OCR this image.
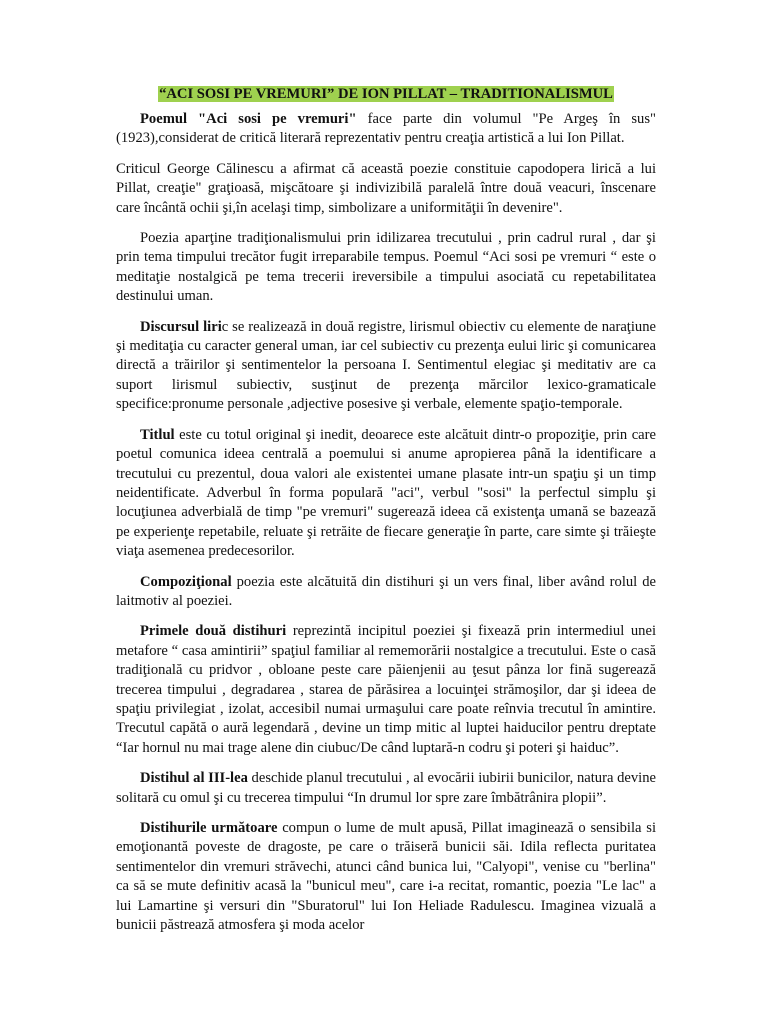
“ACI SOSI PE VREMURI” DE ION PILLAT – TRADITIONALISMUL

Poemul "Aci sosi pe vremuri" face parte din volumul "Pe Argeş în sus" (1923),considerat de critică literară reprezentativ pentru creaţia artistică a lui Ion Pillat.

Criticul George Călinescu a afirmat că această poezie constituie capodopera lirică a lui Pillat, creaţie" graţioasă, mişcătoare şi indivizibilă paralelă între două veacuri, înscenare care încântă ochii şi,în acelaşi timp, simbolizare a uniformităţii în devenire".

Poezia aparţine tradiţionalismului prin idilizarea trecutului , prin cadrul rural , dar şi prin tema timpului trecător fugit irreparabile tempus. Poemul “Aci sosi pe vremuri “ este o meditaţie nostalgică pe tema trecerii ireversibile a timpului asociată cu repetabilitatea destinului uman.

Discursul liric se realizează in două registre, lirismul obiectiv cu elemente de naraţiune şi meditaţia cu caracter general uman, iar cel subiectiv cu prezenţa eului liric şi comunicarea directă a trăirilor şi sentimentelor la persoana I. Sentimentul elegiac şi meditativ are ca suport lirismul subiectiv, susţinut de prezenţa mărcilor lexico-gramaticale specifice:pronume personale ,adjective posesive şi verbale, elemente spaţio-temporale.

Titlul este cu totul original şi inedit, deoarece este alcătuit dintr-o propoziţie, prin care poetul comunica ideea centrală a poemului si anume apropierea până la identificare a trecutului cu prezentul, doua valori ale existentei umane plasate intr-un spaţiu şi un timp neidentificate. Adverbul în forma populară "aci", verbul "sosi" la perfectul simplu şi locuţiunea adverbială de timp "pe vremuri" sugerează ideea că existenţa umană se bazează pe experienţe repetabile, reluate şi retrăite de fiecare generaţie în parte, care simte şi trăieşte viaţa asemenea predecesorilor.

Compoziţional poezia este alcătuită din distihuri şi un vers final, liber având rolul de laitmotiv al poeziei.

Primele două distihuri reprezintă incipitul poeziei şi fixează prin intermediul unei metafore “ casa amintirii” spaţiul familiar al rememorării nostalgice a trecutului. Este o casă tradiţională cu pridvor , obloane peste care păienjenii au ţesut pânza lor fină sugerează trecerea timpului , degradarea , starea de părăsirea a locuinţei strămoşilor, dar şi ideea de spaţiu privilegiat , izolat, accesibil numai urmaşului care poate reînvia trecutul în amintire. Trecutul capătă o aură legendară , devine un timp mitic al luptei haiducilor pentru dreptate “Iar hornul nu mai trage alene din ciubuc/De când luptară-n codru şi poteri şi haiduc”.

Distihul al III-lea deschide planul trecutului , al evocării iubirii bunicilor, natura devine solitară cu omul şi cu trecerea timpului “In drumul lor spre zare îmbătrânira plopii”.

Distihurile următoare compun o lume de mult apusă, Pillat imaginează o sensibila si emoţionantă poveste de dragoste, pe care o trăiseră bunicii săi. Idila reflecta puritatea sentimentelor din vremuri străvechi, atunci când bunica lui, "Calyopi", venise cu "berlina" ca să se mute definitiv acasă la "bunicul meu", care i-a recitat, romantic, poezia "Le lac" a lui Lamartine şi versuri din "Sburatorul" lui Ion Heliade Radulescu. Imaginea vizuală a bunicii păstrează atmosfera şi moda acelor
